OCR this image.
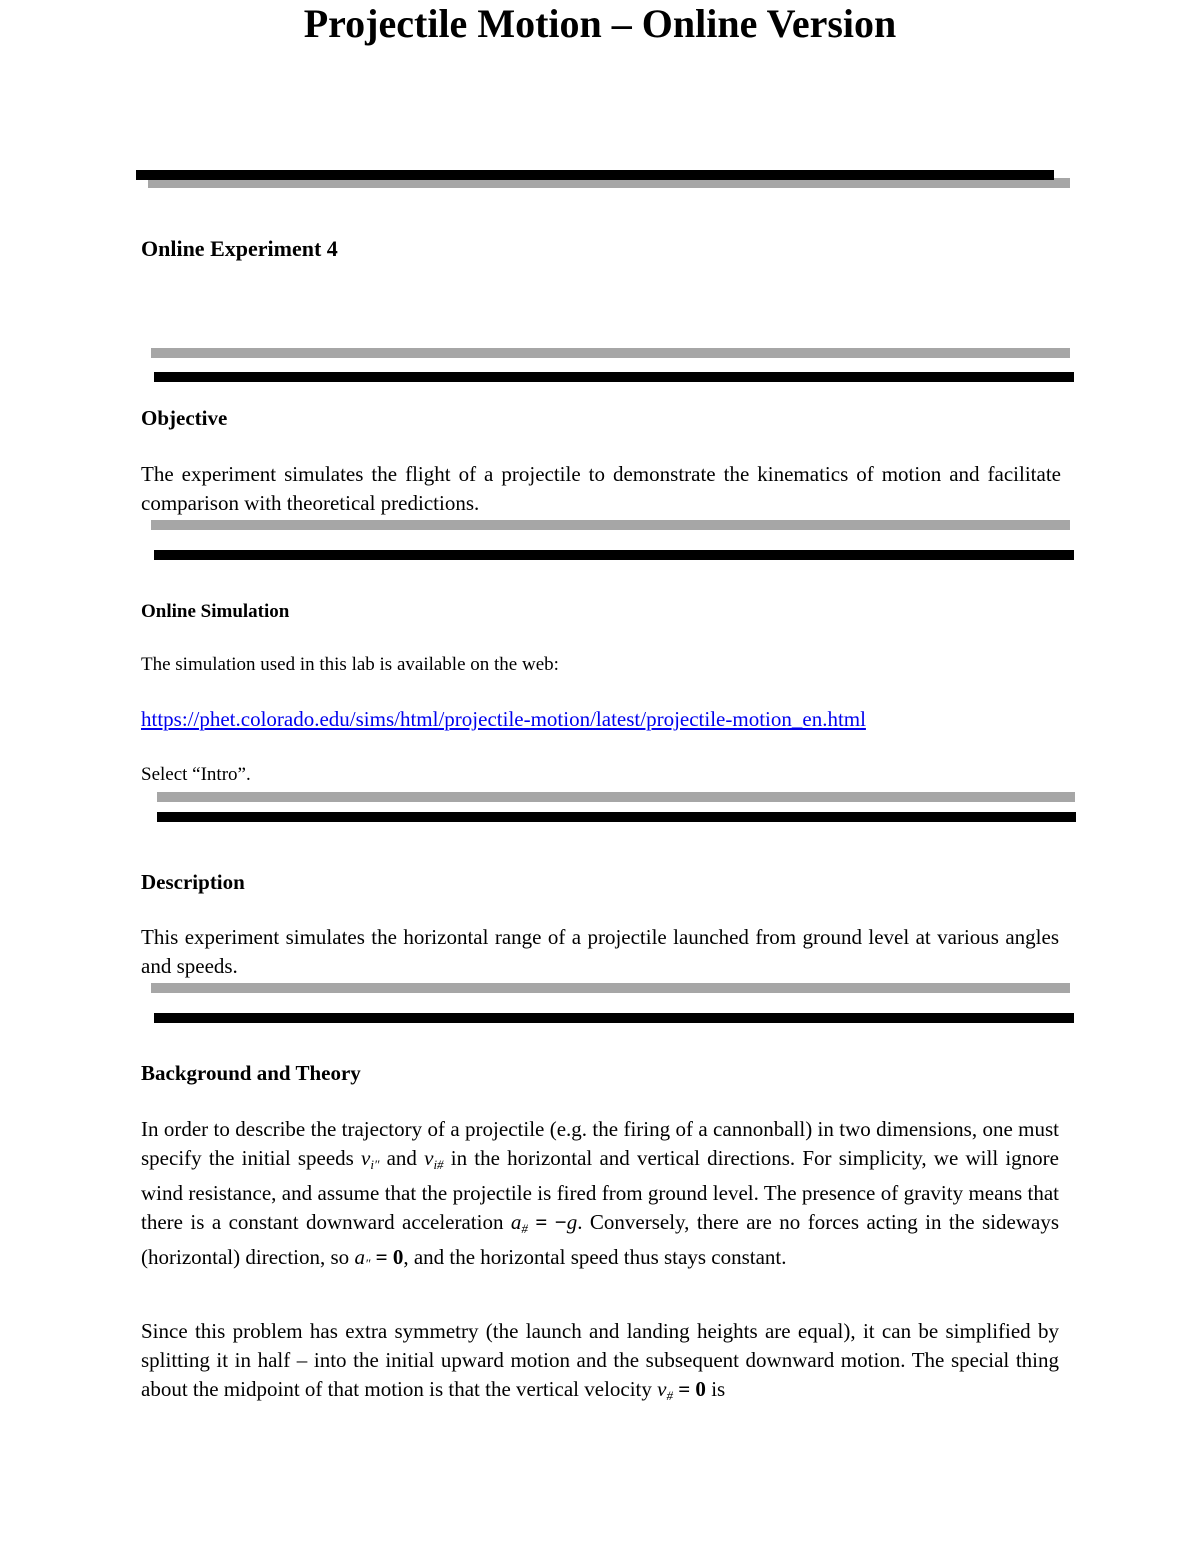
Online Experiment 4
Projectile Motion – Online Version
Objective
The experiment simulates the flight of a projectile to demonstrate the kinematics of motion and facilitate comparison with theoretical predictions.
Online Simulation
The simulation used in this lab is available on the web:
https://phet.colorado.edu/sims/html/projectile-motion/latest/projectile-motion_en.html
Select “Intro”.
Description
This experiment simulates the horizontal range of a projectile launched from ground level at various angles and speeds.
Background and Theory
In order to describe the trajectory of a projectile (e.g. the firing of a cannonball) in two dimensions, one must specify the initial speeds $v_{i''}$ and $v_{i\#}$ in the horizontal and vertical directions. For simplicity, we will ignore wind resistance, and assume that the projectile is fired from ground level. The presence of gravity means that there is a constant downward acceleration $a_{\#} = -g$. Conversely, there are no forces acting in the sideways (horizontal) direction, so $a'' = 0$, and the horizontal speed thus stays constant.
Since this problem has extra symmetry (the launch and landing heights are equal), it can be simplified by splitting it in half – into the initial upward motion and the subsequent downward motion. The special thing about the midpoint of that motion is that the vertical velocity $v_{\#} = 0$ is
